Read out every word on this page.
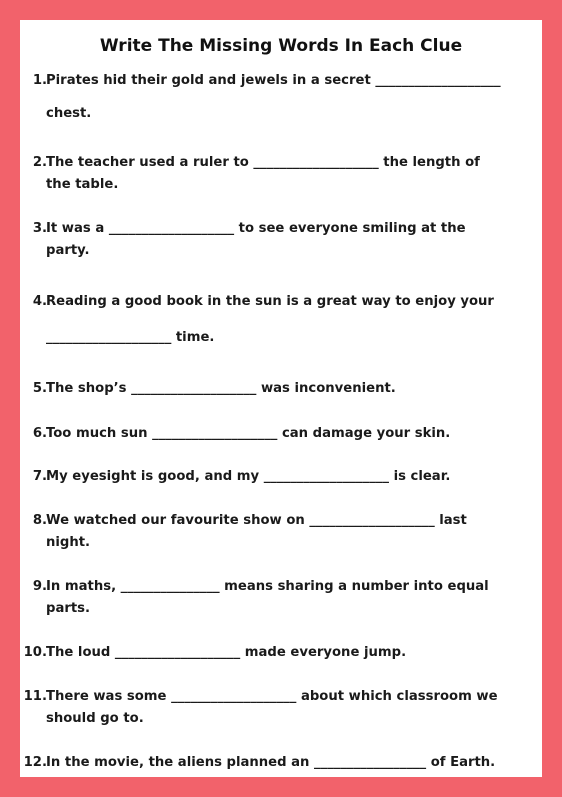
Write The Missing Words In Each Clue
1. Pirates hid their gold and jewels in a secret ___________________
chest.
2. The teacher used a ruler to ___________________ the length of
the table.
3. It was a ___________________ to see everyone smiling at the
party.
4. Reading a good book in the sun is a great way to enjoy your
___________________ time.
5. The shop’s ___________________ was inconvenient.
6. Too much sun ___________________ can damage your skin.
7. My eyesight is good, and my ___________________ is clear.
8. We watched our favourite show on ___________________ last
night.
9. In maths, _______________ means sharing a number into equal
parts.
10. The loud ___________________ made everyone jump.
11. There was some ___________________ about which classroom we
should go to.
12. In the movie, the aliens planned an _________________ of Earth.
